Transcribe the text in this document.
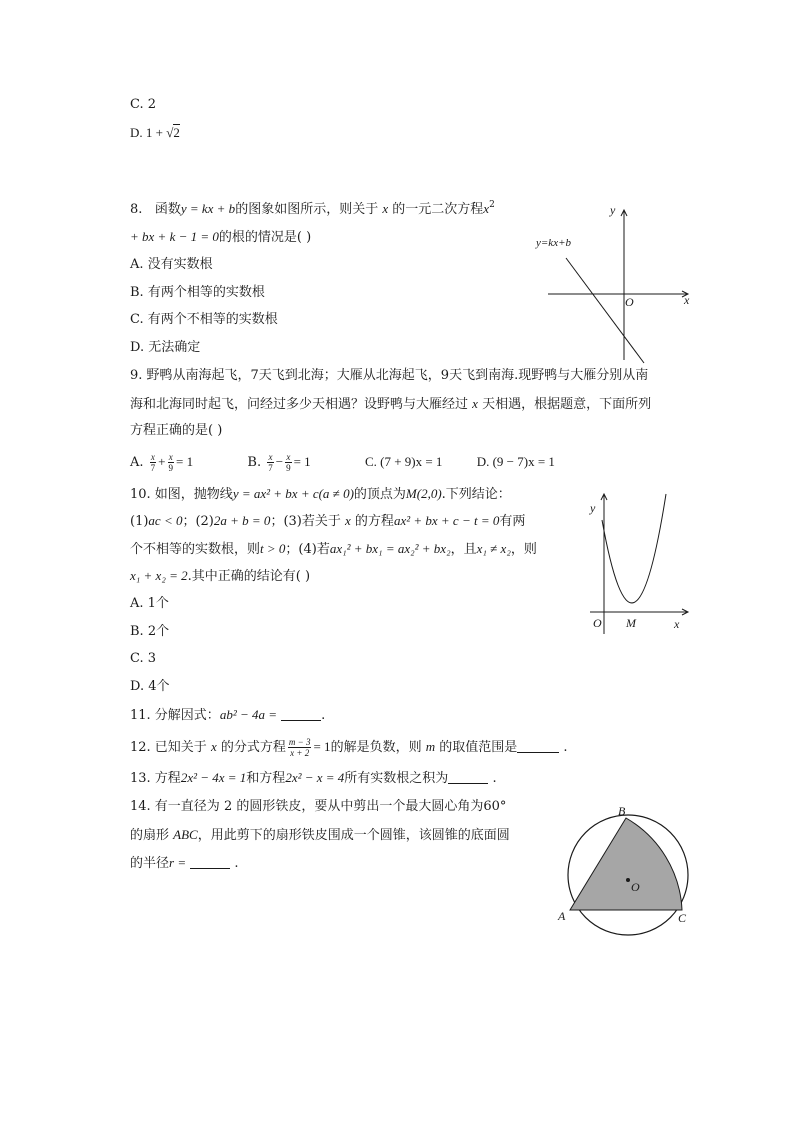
C. 2
D. 1 + √2
8. 函数y = kx + b的图象如图所示，则关于 x 的一元二次方程$x^2$
+ bx + k − 1 = 0的根的情况是( )
A. 没有实数根
B. 有两个相等的实数根
C. 有两个不相等的实数根
D. 无法确定
y
x
O
y=kx+b
9. 野鸭从南海起飞，7天飞到北海；大雁从北海起飞，9天飞到南海.现野鸭与大雁分别从南
海和北海同时起飞，问经过多少天相遇？设野鸭与大雁经过 x 天相遇，根据题意，下面所列
方程正确的是( )
A. $\frac{x}{7} + \frac{x}{9} = 1$	B. $\frac{x}{7} - \frac{x}{9} = 1$	C. (7 + 9)x = 1	D. (9 − 7)x = 1
10. 如图，抛物线y = ax² + bx + c(a ≠ 0)的顶点为M(2,0).下列结论：
(1)ac < 0；(2)2a + b = 0；(3)若关于 x 的方程ax² + bx + c − t = 0有两
个不相等的实数根，则t > 0；(4)若ax₁² + bx₁ = ax₂² + bx₂，且x₁ ≠ x₂，则
x₁ + x₂ = 2.其中正确的结论有( )
A. 1个
B. 2个
C. 3
D. 4个
y
x
O M
11. 分解因式：ab² − 4a =	.
12. 已知关于 x 的分式方程 $\frac{m - 3}{x + 2} = 1$的解是负数，则 m 的取值范围是	.
13. 方程2x² − 4x = 1和方程2x² − x = 4所有实数根之积为	.
14. 有一直径为 2 的圆形铁皮，要从中剪出一个最大圆心角为60°
的扇形 ABC，用此剪下的扇形铁皮围成一个圆锥，该圆锥的底面圆
的半径r =	.
B
A	C
O
